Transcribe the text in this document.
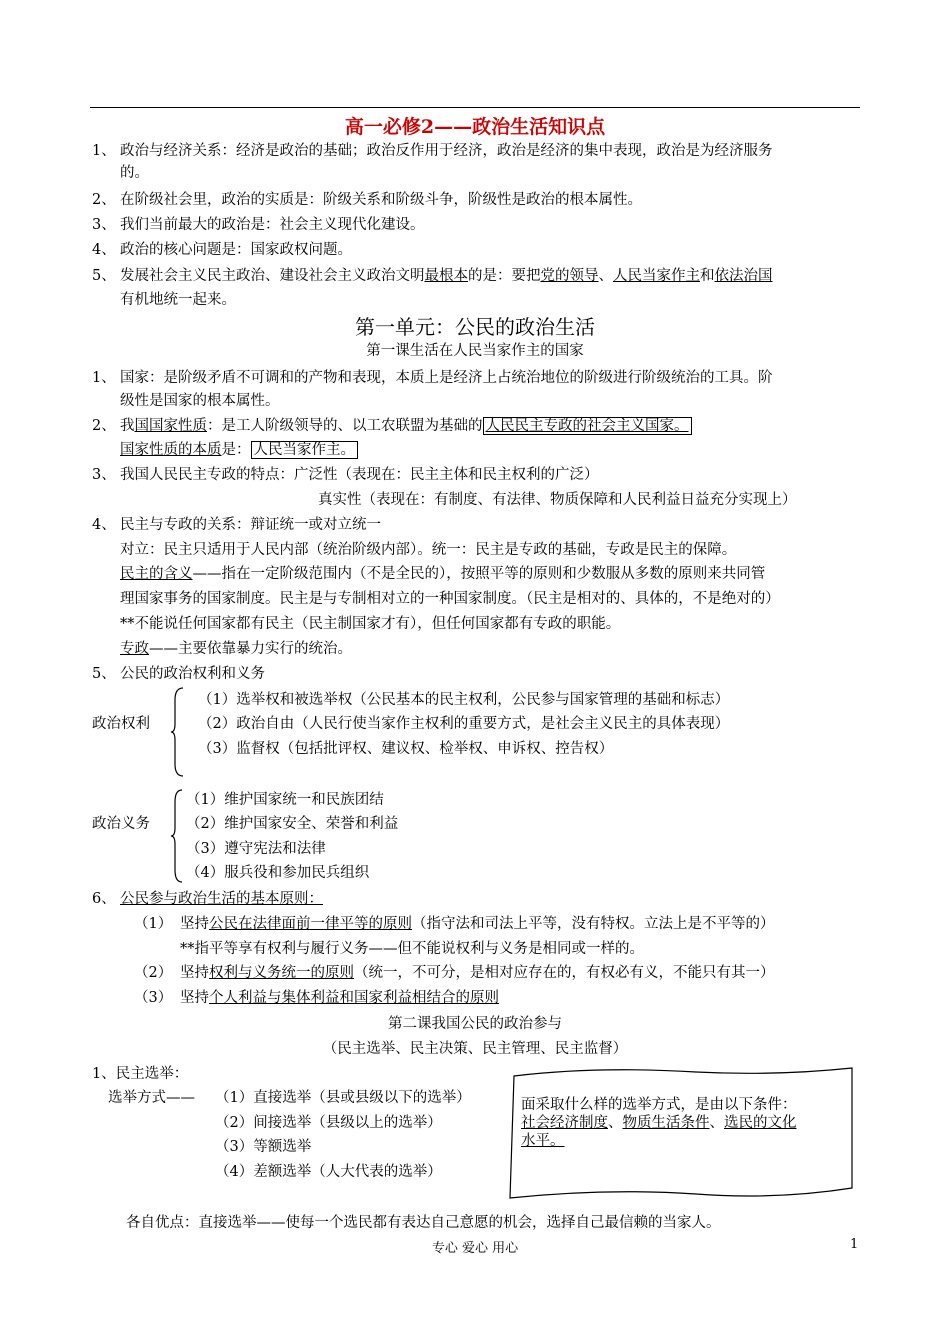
高一必修2——政治生活知识点
1、 政治与经济关系：经济是政治的基础；政治反作用于经济，政治是经济的集中表现，政治是为经济服务
的。
2、 在阶级社会里，政治的实质是：阶级关系和阶级斗争，阶级性是政治的根本属性。
3、 我们当前最大的政治是：社会主义现代化建设。
4、 政治的核心问题是：国家政权问题。
5、 发展社会主义民主政治、建设社会主义政治文明最根本的是：要把党的领导、人民当家作主和依法治国
有机地统一起来。
第一单元：公民的政治生活
第一课生活在人民当家作主的国家
1、 国家：是阶级矛盾不可调和的产物和表现，本质上是经济上占统治地位的阶级进行阶级统治的工具。阶
级性是国家的根本属性。
2、 我国国家性质：是工人阶级领导的、以工农联盟为基础的 人民民主专政的社会主义国家。
国家性质的本质是： 人民当家作主。
3、 我国人民民主专政的特点：广泛性（表现在：民主主体和民主权利的广泛）
真实性（表现在：有制度、有法律、物质保障和人民利益日益充分实现上）
4、 民主与专政的关系：辩证统一或对立统一
对立：民主只适用于人民内部（统治阶级内部）。统一：民主是专政的基础，专政是民主的保障。
民主的含义——指在一定阶级范围内（不是全民的），按照平等的原则和少数服从多数的原则来共同管
理国家事务的国家制度。民主是与专制相对立的一种国家制度。（民主是相对的、具体的，不是绝对的）
**不能说任何国家都有民主（民主制国家才有），但任何国家都有专政的职能。
专政——主要依靠暴力实行的统治。
5、 公民的政治权利和义务
政治权利
（1）选举权和被选举权（公民基本的民主权利，公民参与国家管理的基础和标志）
（2）政治自由（人民行使当家作主权利的重要方式，是社会主义民主的具体表现）
（3）监督权（包括批评权、建议权、检举权、申诉权、控告权）
政治义务
（1）维护国家统一和民族团结
（2）维护国家安全、荣誉和利益
（3）遵守宪法和法律
（4）服兵役和参加民兵组织
6、 公民参与政治生活的基本原则：
（1） 坚持公民在法律面前一律平等的原则（指守法和司法上平等，没有特权。立法上是不平等的）
**指平等享有权利与履行义务——但不能说权利与义务是相同或一样的。
（2） 坚持权利与义务统一的原则（统一，不可分，是相对应存在的，有权必有义，不能只有其一）
（3） 坚持个人利益与集体利益和国家利益相结合的原则
第二课我国公民的政治参与
（民主选举、民主决策、民主管理、民主监督）
1、民主选举：
选举方式—— （1）直接选举（县或县级以下的选举）
（2）间接选举（县级以上的选举）
（3）等额选举
（4）差额选举（人大代表的选举）
面采取什么样的选举方式，是由以下条件：
社会经济制度、物质生活条件、选民的文化
水平。
各自优点：直接选举——使每一个选民都有表达自己意愿的机会，选择自己最信赖的当家人。
专心 爱心 用心	1
